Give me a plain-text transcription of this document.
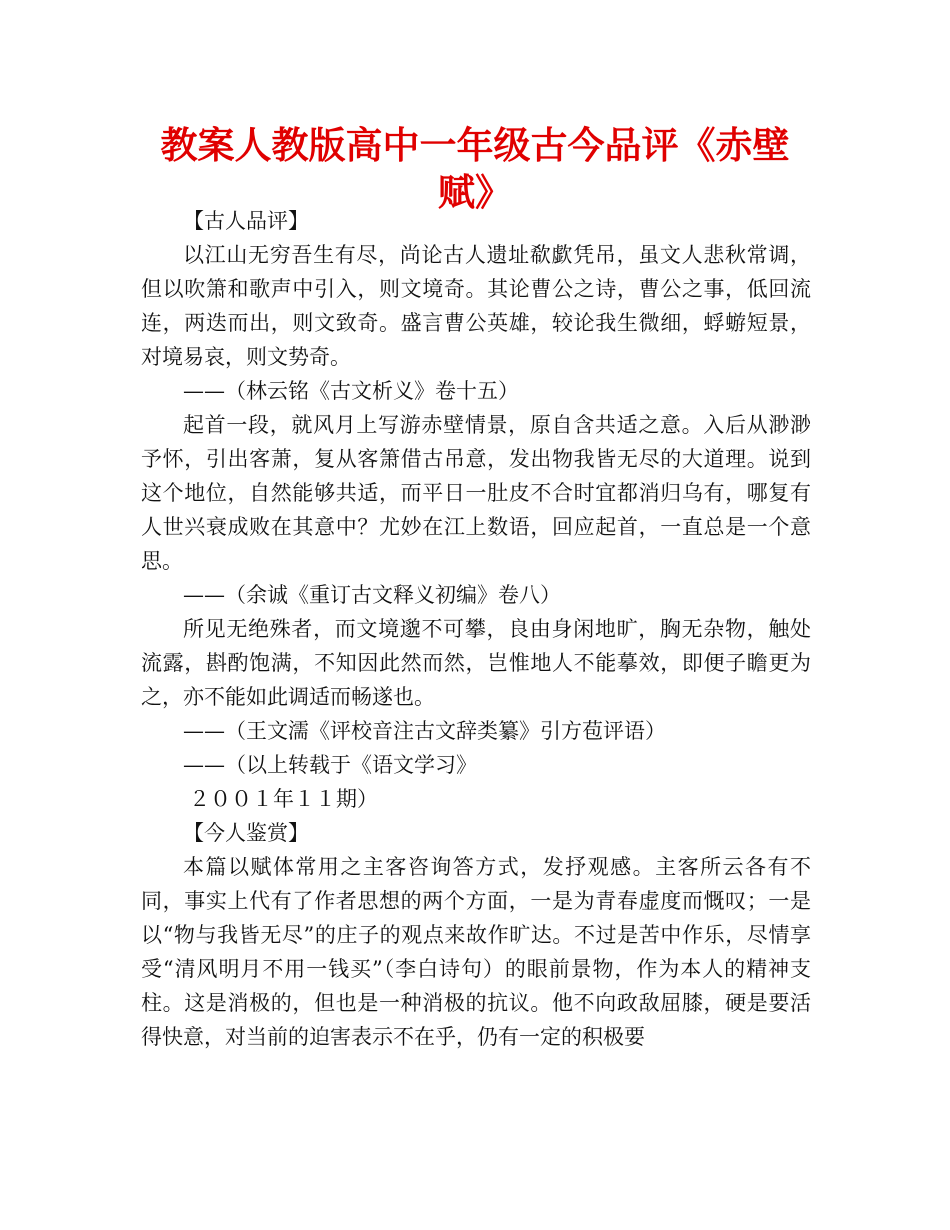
教案人教版高中一年级古今品评《赤壁
赋》

【古人品评】

以江山无穷吾生有尽，尚论古人遗址欷歔凭吊，虽文人悲秋常调，但以吹箫和歌声中引入，则文境奇。其论曹公之诗，曹公之事，低回流连，两迭而出，则文致奇。盛言曹公英雄，较论我生微细，蜉蝣短景，对境易哀，则文势奇。

——（林云铭《古文析义》卷十五）

起首一段，就风月上写游赤壁情景，原自含共适之意。入后从渺渺予怀，引出客萧，复从客箫借古吊意，发出物我皆无尽的大道理。说到这个地位，自然能够共适，而平日一肚皮不合时宜都消归乌有，哪复有人世兴衰成败在其意中？尤妙在江上数语，回应起首，一直总是一个意思。

——（余诚《重订古文释义初编》卷八）

所见无绝殊者，而文境邈不可攀，良由身闲地旷，胸无杂物，触处流露，斟酌饱满，不知因此然而然，岂惟地人不能摹效，即便子瞻更为之，亦不能如此调适而畅遂也。

——（王文濡《评校音注古文辞类纂》引方苞评语）

——（以上转载于《语文学习》

２００１年１１期）

【今人鉴赏】

本篇以赋体常用之主客咨询答方式，发抒观感。主客所云各有不同，事实上代有了作者思想的两个方面，一是为青春虚度而慨叹；一是以“物与我皆无尽”的庄子的观点来故作旷达。不过是苦中作乐，尽情享受“清风明月不用一钱买”（李白诗句）的眼前景物，作为本人的精神支柱。这是消极的，但也是一种消极的抗议。他不向政敌屈膝，硬是要活得快意，对当前的迫害表示不在乎，仍有一定的积极要
